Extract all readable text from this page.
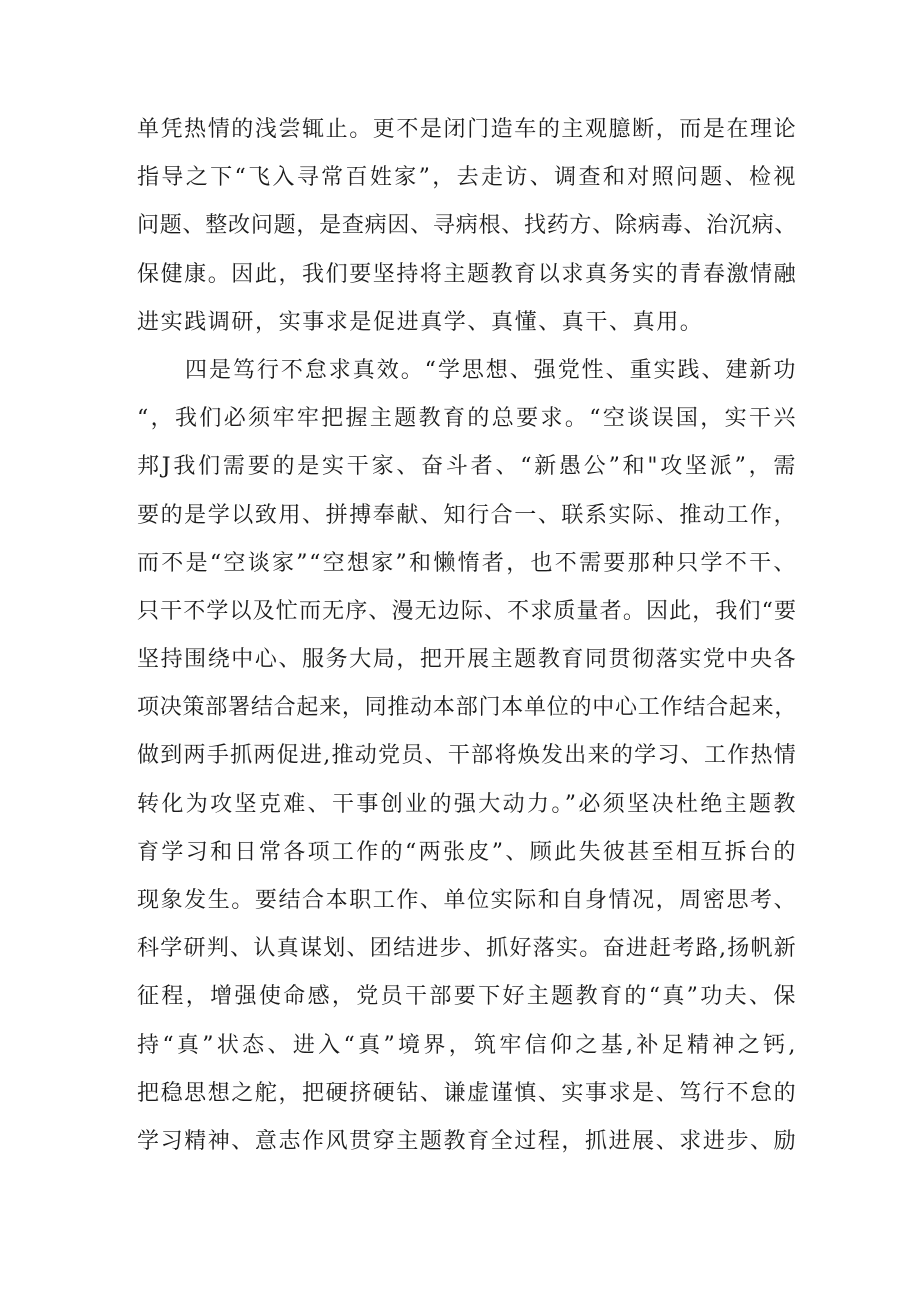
单凭热情的浅尝辄止。更不是闭门造车的主观臆断，而是在理论
指导之下“飞入寻常百姓家”，去走访、调查和对照问题、检视
问题、整改问题，是查病因、寻病根、找药方、除病毒、治沉病、
保健康。因此，我们要坚持将主题教育以求真务实的青春激情融
进实践调研，实事求是促进真学、真懂、真干、真用。
四是笃行不怠求真效。“学思想、强党性、重实践、建新功
“，我们必须牢牢把握主题教育的总要求。“空谈误国，实干兴
邦J我们需要的是实干家、奋斗者、“新愚公”和"攻坚派”，需
要的是学以致用、拼搏奉献、知行合一、联系实际、推动工作，
而不是“空谈家”“空想家”和懒惰者，也不需要那种只学不干、
只干不学以及忙而无序、漫无边际、不求质量者。因此，我们“要
坚持围绕中心、服务大局，把开展主题教育同贯彻落实党中央各
项决策部署结合起来，同推动本部门本单位的中心工作结合起来，
做到两手抓两促进,推动党员、干部将焕发出来的学习、工作热情
转化为攻坚克难、干事创业的强大动力。”必须坚决杜绝主题教
育学习和日常各项工作的“两张皮”、顾此失彼甚至相互拆台的
现象发生。要结合本职工作、单位实际和自身情况，周密思考、
科学研判、认真谋划、团结进步、抓好落实。奋进赶考路,扬帆新
征程，增强使命感，党员干部要下好主题教育的“真”功夫、保
持“真”状态、进入“真”境界，筑牢信仰之基,补足精神之钙,
把稳思想之舵，把硬挤硬钻、谦虚谨慎、实事求是、笃行不怠的
学习精神、意志作风贯穿主题教育全过程，抓进展、求进步、励
